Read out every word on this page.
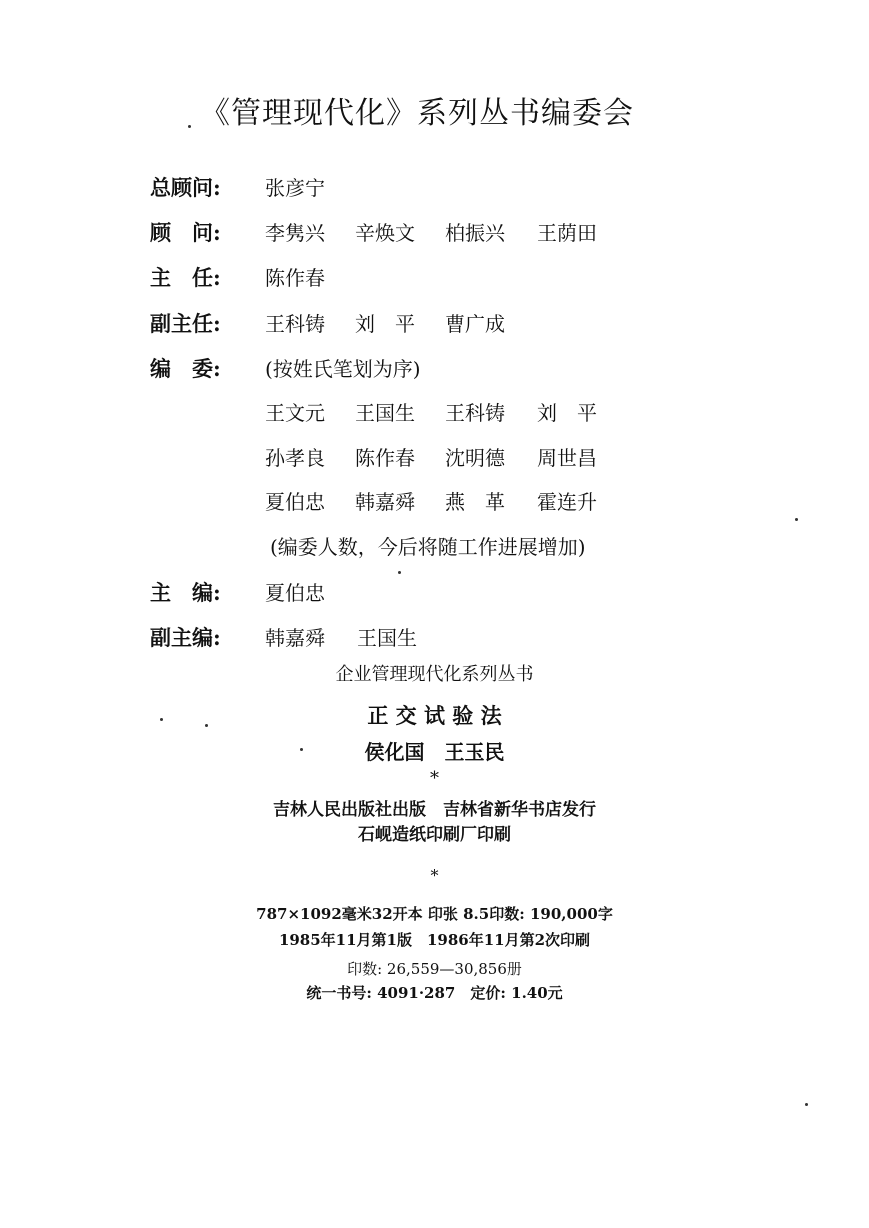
《管理现代化》系列丛书编委会
总顾问: 张彦宁
顾　问: 李隽兴 辛焕文 柏振兴 王荫田
主　任: 陈作春
副主任: 王科铸 刘　平 曹广成
编　委: (按姓氏笔划为序)
王文元 王国生 王科铸 刘　平
孙孝良 陈作春 沈明德 周世昌
夏伯忠 韩嘉舜 燕　革 霍连升
(编委人数，今后将随工作进展增加)
主　编: 夏伯忠
副主编: 韩嘉舜 王国生
企业管理现代化系列丛书
正 交 试 验 法
侯化国　王玉民
*
吉林人民出版社出版　吉林省新华书店发行
石岘造纸印刷厂印刷
*
787×1092毫米32开本 印张 8.5印数: 190,000字
1985年11月第1版　1986年11月第2次印刷
印数: 26,559—30,856册
统一书号: 4091·287　定价: 1.40元
